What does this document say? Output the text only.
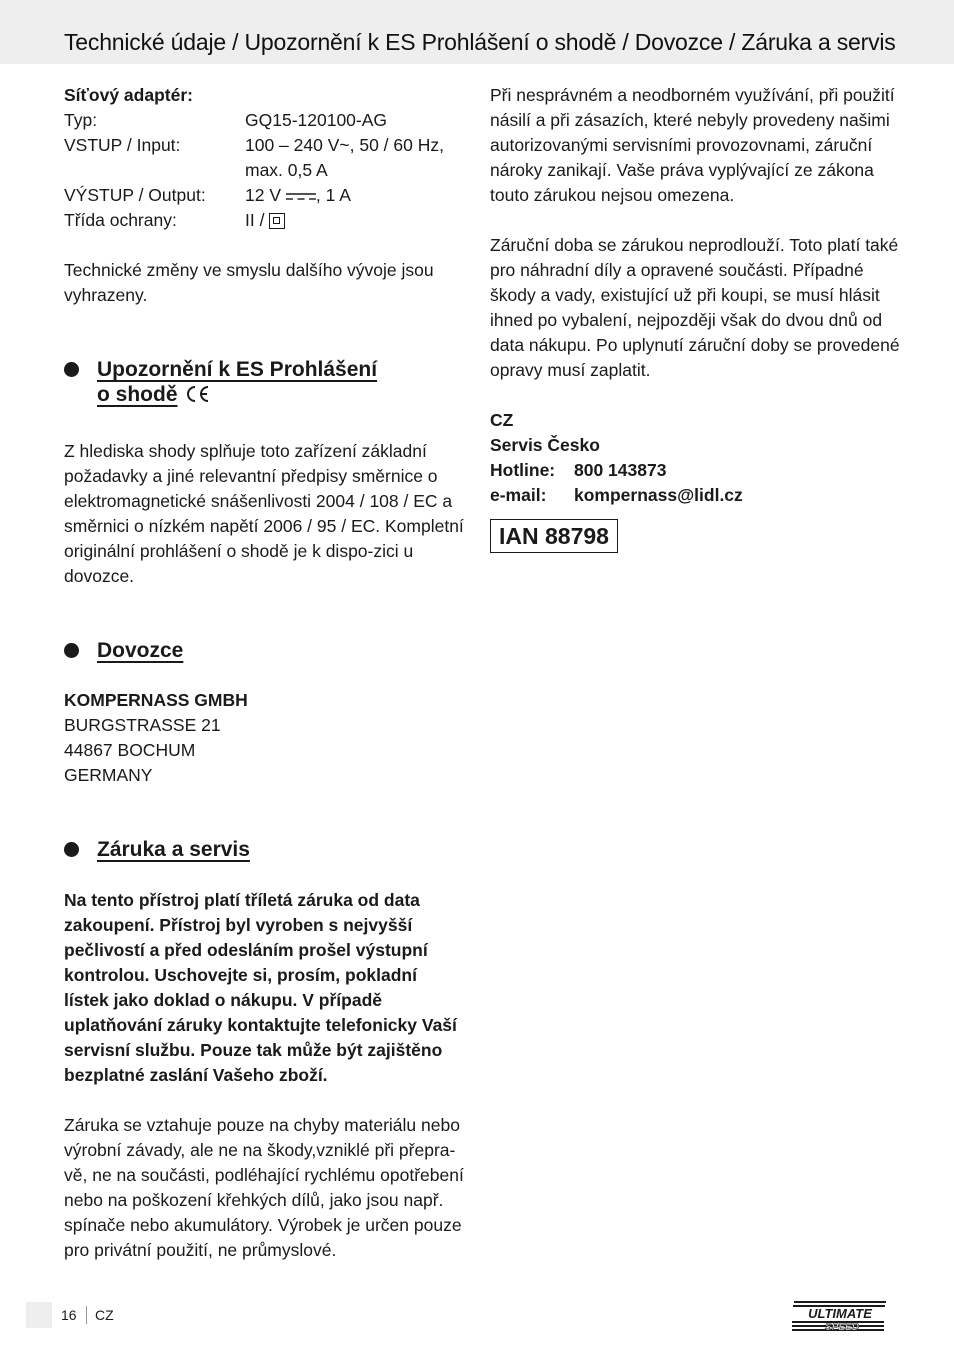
Technické údaje / Upozornění k ES Prohlášení o shodě / Dovozce / Záruka a servis

Síťový adaptér:

Typ:	GQ15-120100-AG
VSTUP / Input:	100 – 240 V~, 50 / 60 Hz,
max. 0,5 A
VÝSTUP / Output:	12 V , 1 A
Třída ochrany:	II /

Technické změny ve smyslu dalšího vývoje jsou vyhrazeny.

Upozornění k ES Prohlášení
o shodě

Z hlediska shody splňuje toto zařízení základní požadavky a jiné relevantní předpisy směrnice o elektromagnetické snášenlivosti 2004 / 108 / EC a směrnici o nízkém napětí 2006 / 95 / EC. Kompletní originální prohlášení o shodě je k dispo-zici u dovozce.

Dovozce

KOMPERNASS GMBH

BURGSTRASSE 21

44867 BOCHUM

GERMANY

Záruka a servis

Na tento přístroj platí tříletá záruka od data zakoupení. Přístroj byl vyroben s nejvyšší pečlivostí a před odesláním prošel výstupní kontrolou. Uschovejte si, prosím, pokladní lístek jako doklad o nákupu. V případě uplatňování záruky kontaktujte telefonicky Vaší servisní službu. Pouze tak může být zajištěno bezplatné zaslání Vašeho zboží.

Záruka se vztahuje pouze na chyby materiálu nebo výrobní závady, ale ne na škody,vzniklé při přepra-vě, ne na součásti, podléhající rychlému opotřebení nebo na poškození křehkých dílů, jako jsou např. spínače nebo akumulátory. Výrobek je určen pouze pro privátní použití, ne průmyslové.

Při nesprávném a neodborném využívání, při použití násilí a při zásazích, které nebyly provedeny našimi autorizovanými servisními provozovnami, záruční nároky zanikají. Vaše práva vyplývající ze zákona touto zárukou nejsou omezena.

Záruční doba se zárukou neprodlouží. Toto platí také pro náhradní díly a opravené součásti. Případné škody a vady, existující už při koupi, se musí hlásit ihned po vybalení, nejpozději však do dvou dnů od data nákupu. Po uplynutí záruční doby se provedené opravy musí zaplatit.

CZ

Servis Česko

Hotline: 800 143873

e-mail: kompernass@lidl.cz

IAN 88798
16 CZ	ULTIMATE
SPEED
